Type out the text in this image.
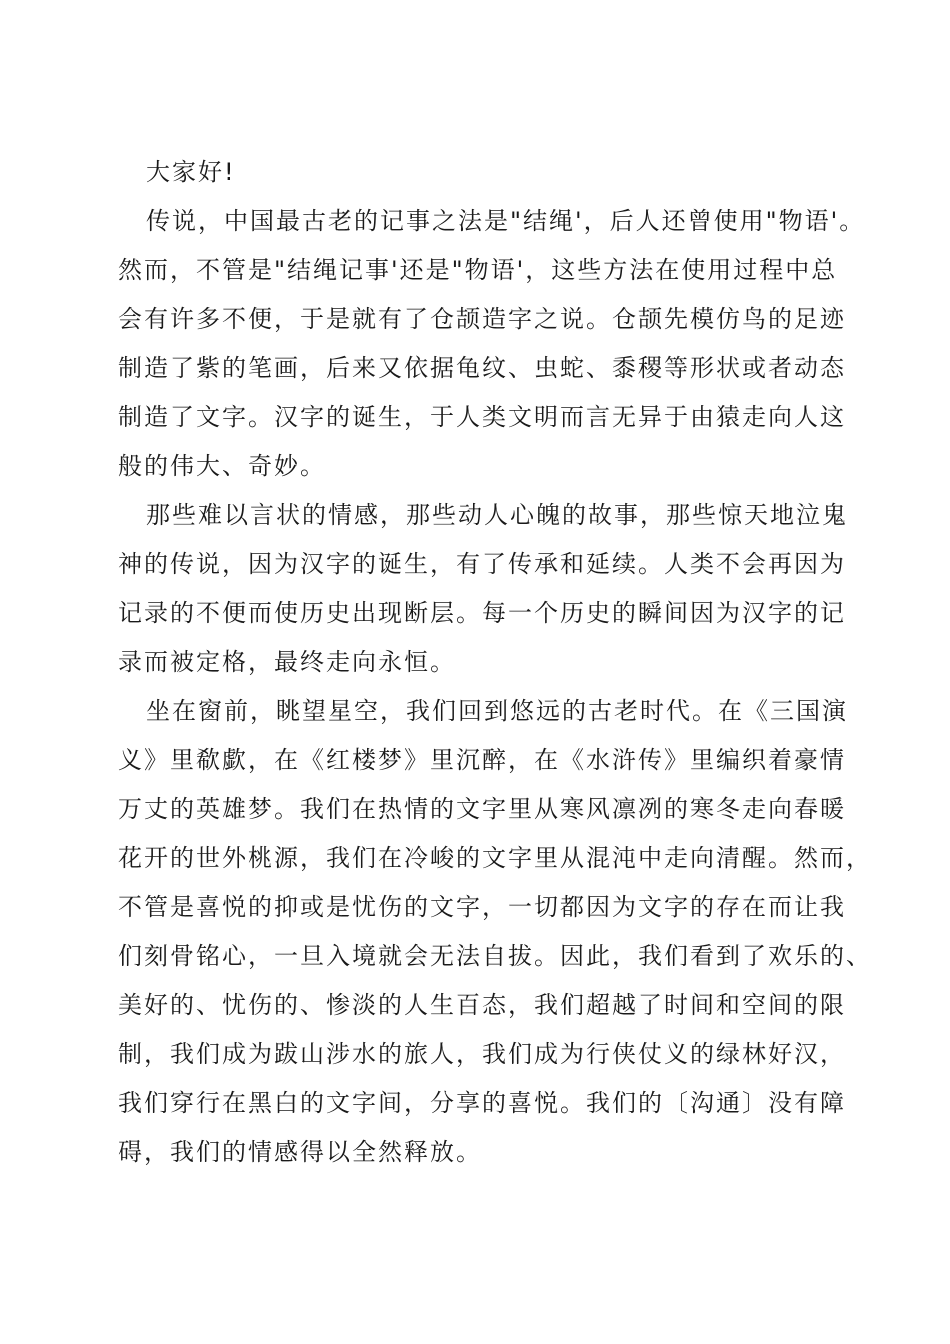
大家好!
传说，中国最古老的记事之法是"结绳'，后人还曾使用"物语'。
然而，不管是"结绳记事'还是"物语'，这些方法在使用过程中总
会有许多不便，于是就有了仓颉造字之说。仓颉先模仿鸟的足迹
制造了紫的笔画，后来又依据龟纹、虫蛇、黍稷等形状或者动态
制造了文字。汉字的诞生，于人类文明而言无异于由猿走向人这
般的伟大、奇妙。
那些难以言状的情感，那些动人心魄的故事，那些惊天地泣鬼
神的传说，因为汉字的诞生，有了传承和延续。人类不会再因为
记录的不便而使历史出现断层。每一个历史的瞬间因为汉字的记
录而被定格，最终走向永恒。
坐在窗前，眺望星空，我们回到悠远的古老时代。在《三国演
义》里欷歔，在《红楼梦》里沉醉，在《水浒传》里编织着豪情
万丈的英雄梦。我们在热情的文字里从寒风凛冽的寒冬走向春暖
花开的世外桃源，我们在冷峻的文字里从混沌中走向清醒。然而，
不管是喜悦的抑或是忧伤的文字，一切都因为文字的存在而让我
们刻骨铭心，一旦入境就会无法自拔。因此，我们看到了欢乐的、
美好的、忧伤的、惨淡的人生百态，我们超越了时间和空间的限
制，我们成为跋山涉水的旅人，我们成为行侠仗义的绿林好汉，
我们穿行在黑白的文字间，分享的喜悦。我们的〔沟通〕没有障
碍，我们的情感得以全然释放。
